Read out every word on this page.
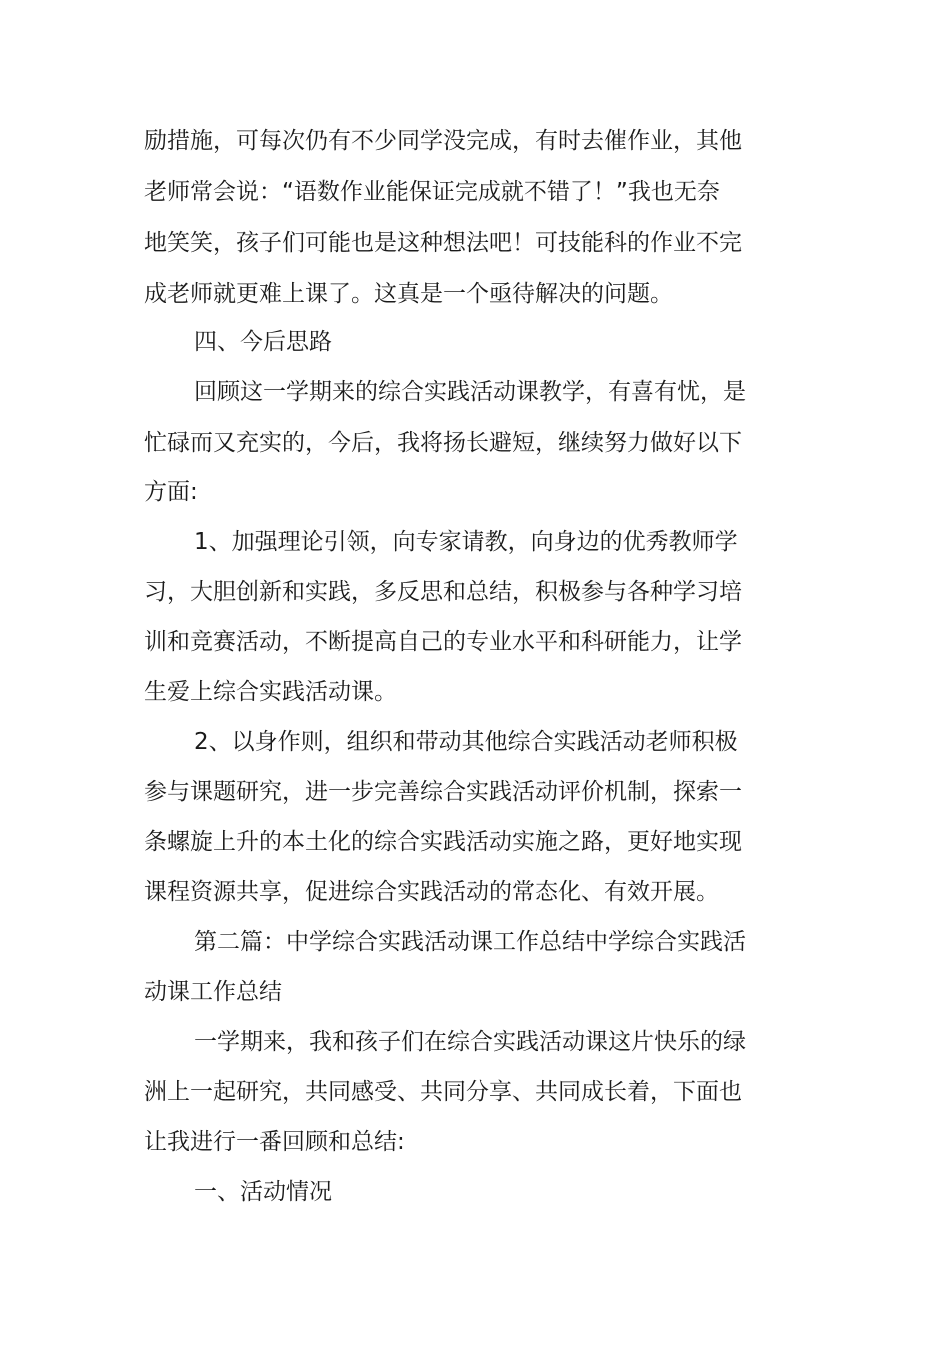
励措施，可每次仍有不少同学没完成，有时去催作业，其他
老师常会说：“语数作业能保证完成就不错了！”我也无奈
地笑笑，孩子们可能也是这种想法吧！可技能科的作业不完
成老师就更难上课了。这真是一个亟待解决的问题。
四、今后思路
回顾这一学期来的综合实践活动课教学，有喜有忧，是
忙碌而又充实的，今后，我将扬长避短，继续努力做好以下
方面:
1、加强理论引领，向专家请教，向身边的优秀教师学
习，大胆创新和实践，多反思和总结，积极参与各种学习培
训和竞赛活动，不断提高自己的专业水平和科研能力，让学
生爱上综合实践活动课。
2、以身作则，组织和带动其他综合实践活动老师积极
参与课题研究，进一步完善综合实践活动评价机制，探索一
条螺旋上升的本土化的综合实践活动实施之路，更好地实现
课程资源共享，促进综合实践活动的常态化、有效开展。
第二篇：中学综合实践活动课工作总结中学综合实践活
动课工作总结
一学期来，我和孩子们在综合实践活动课这片快乐的绿
洲上一起研究，共同感受、共同分享、共同成长着，下面也
让我进行一番回顾和总结:
一、活动情况
